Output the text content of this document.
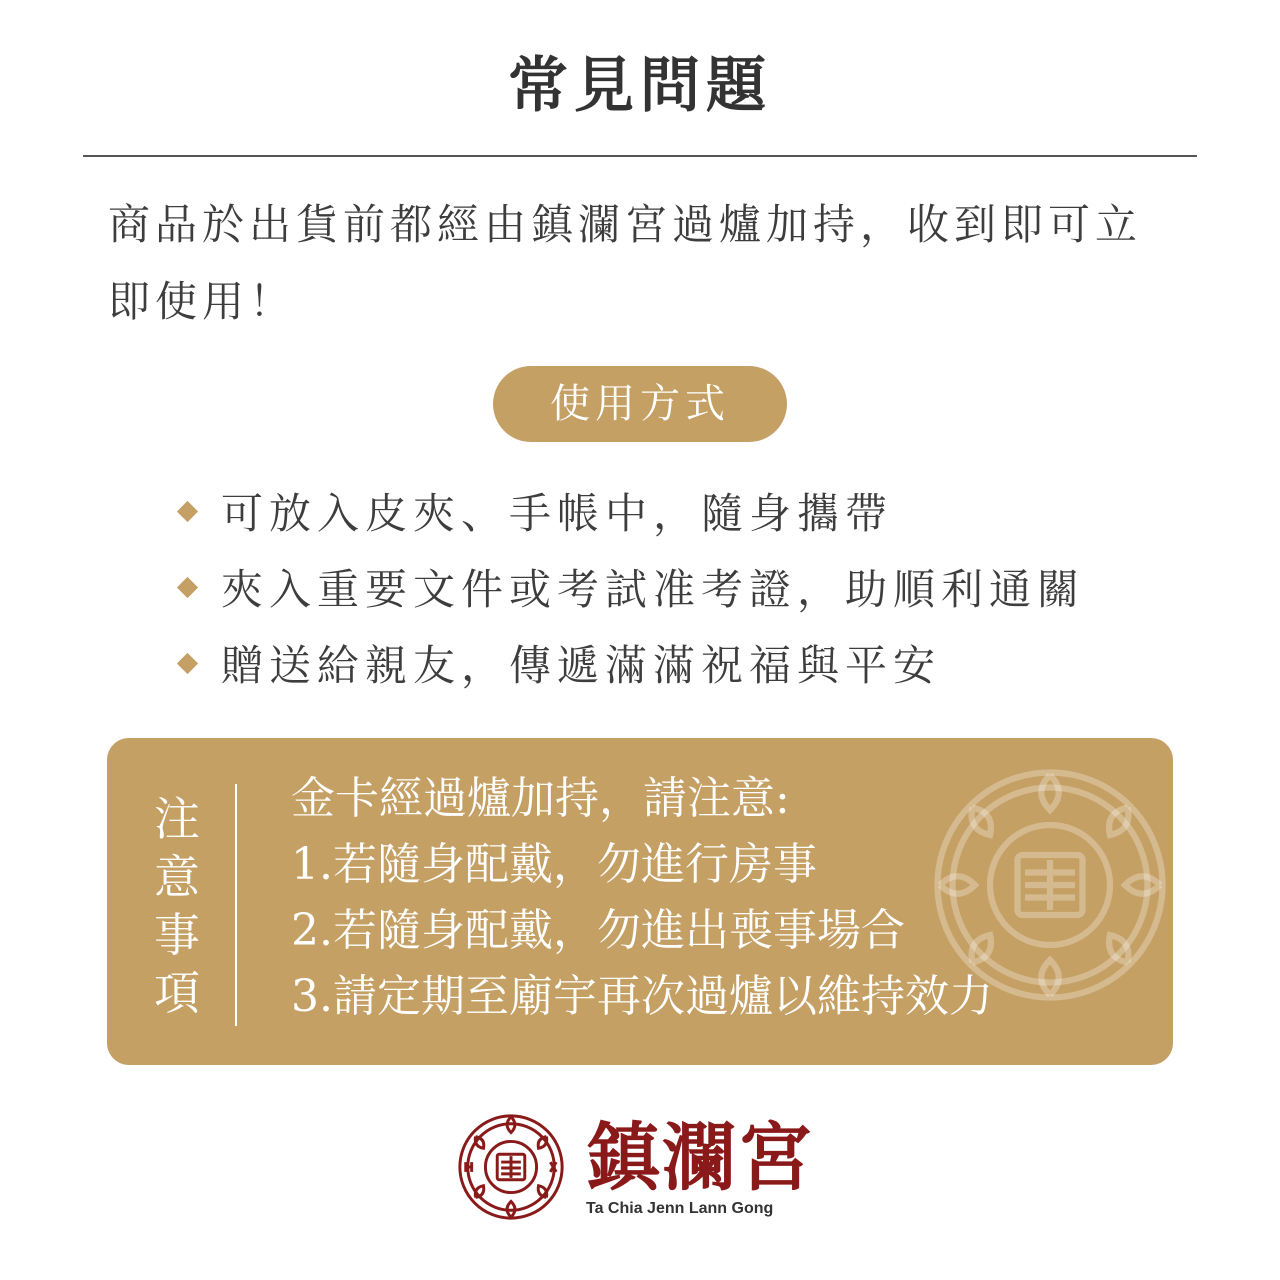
常見問題

商品於出貨前都經由鎮瀾宮過爐加持，收到即可立即使用！

使用方式
可放入皮夾、手帳中，隨身攜帶
夾入重要文件或考試准考證，助順利通關
贈送給親友，傳遞滿滿祝福與平安
注意事項
金卡經過爐加持，請注意:
1.若隨身配戴，勿進行房事
2.若隨身配戴，勿進出喪事場合
3.請定期至廟宇再次過爐以維持效力
鎮瀾宮
Ta Chia Jenn Lann Gong
